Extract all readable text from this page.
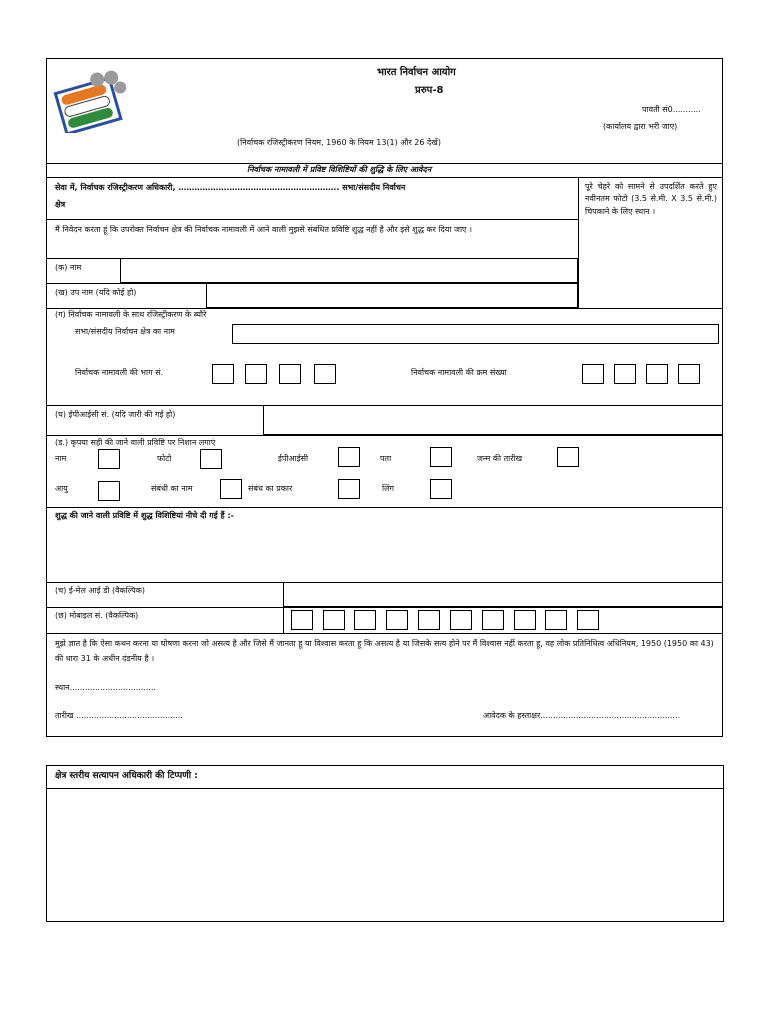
भारत निर्वाचन आयोग
प्ररुप-8
पावती सं0...........
(कार्यालय द्वारा भरी जाए)
(निर्वाचक रजिस्ट्रीकरण नियम, 1960 के नियम 13(1) और 26 देखें)
निर्वाचक नामावली में प्रविष्ट विशिष्टियों की शुद्धि के लिए आवेदन
सेवा में, निर्वाचक रजिस्ट्रीकरण अधिकारी, ……………….………………………………….. सभा/संसदीय निर्वाचन
क्षेत्र
पूरे चेहरे को सामने से उपदर्शित करते हुए नवीनतम फोटो (3.5 से.मी. X 3.5 से.मी.) चिपकाने के लिए स्थान ।
मैं निवेदन करता हूं कि उपरोक्त निर्वाचन क्षेत्र की निर्वाचक नामावली में आने वाली मुझसे संबंधित प्रविष्टि शुद्ध नहीं है और इसे शुद्ध कर दिया जाए ।
(क) नाम
(ख) उप नाम (यदि कोई हो)
(ग) निर्वाचक नामावली के साथ रजिस्ट्रीकरण के ब्यौरे
सभा/संसदीय निर्वाचन क्षेत्र का नाम
निर्वाचक नामावली की भाग सं.	निर्वाचक नामावली की क्रम संख्या
(घ) ईपीआईसी सं. (यदि जारी की गई हो)
(ड.) कृपया सही की जाने वाली प्रविष्टि पर निशान लगाएं
नाम	फोटो	ईपीआईसी	पता	जन्म की तारीख
आयु	संबंधी का नाम	संबंध का प्रकार	लिंग
शुद्ध की जाने वाली प्रविष्टि में शुद्ध विशिष्टियां नीचे दी गई हैं :-
(च) ई-मेल आई डी (वैकल्पिक)
(छ) मोबाइल सं. (वैकल्पिक)
मुझे ज्ञात है कि ऐसा कथन करना या घोषणा करना जो असत्य है और जिसे मैं जानता हू या विश्वास करता हू कि असत्य है या जिसके सत्य होने पर मैं विश्वास नहीं करता हू, वह लोक प्रतिनिधित्व अधिनियम, 1950 (1950 का 43) की धारा 31 के अधीन दंडनीय है ।
स्थान..................................
तारीख ..........................................	आवेदक के हस्ताक्षर.......................................................
क्षेत्र स्तरीय सत्यापन अधिकारी की टिप्पणी :
